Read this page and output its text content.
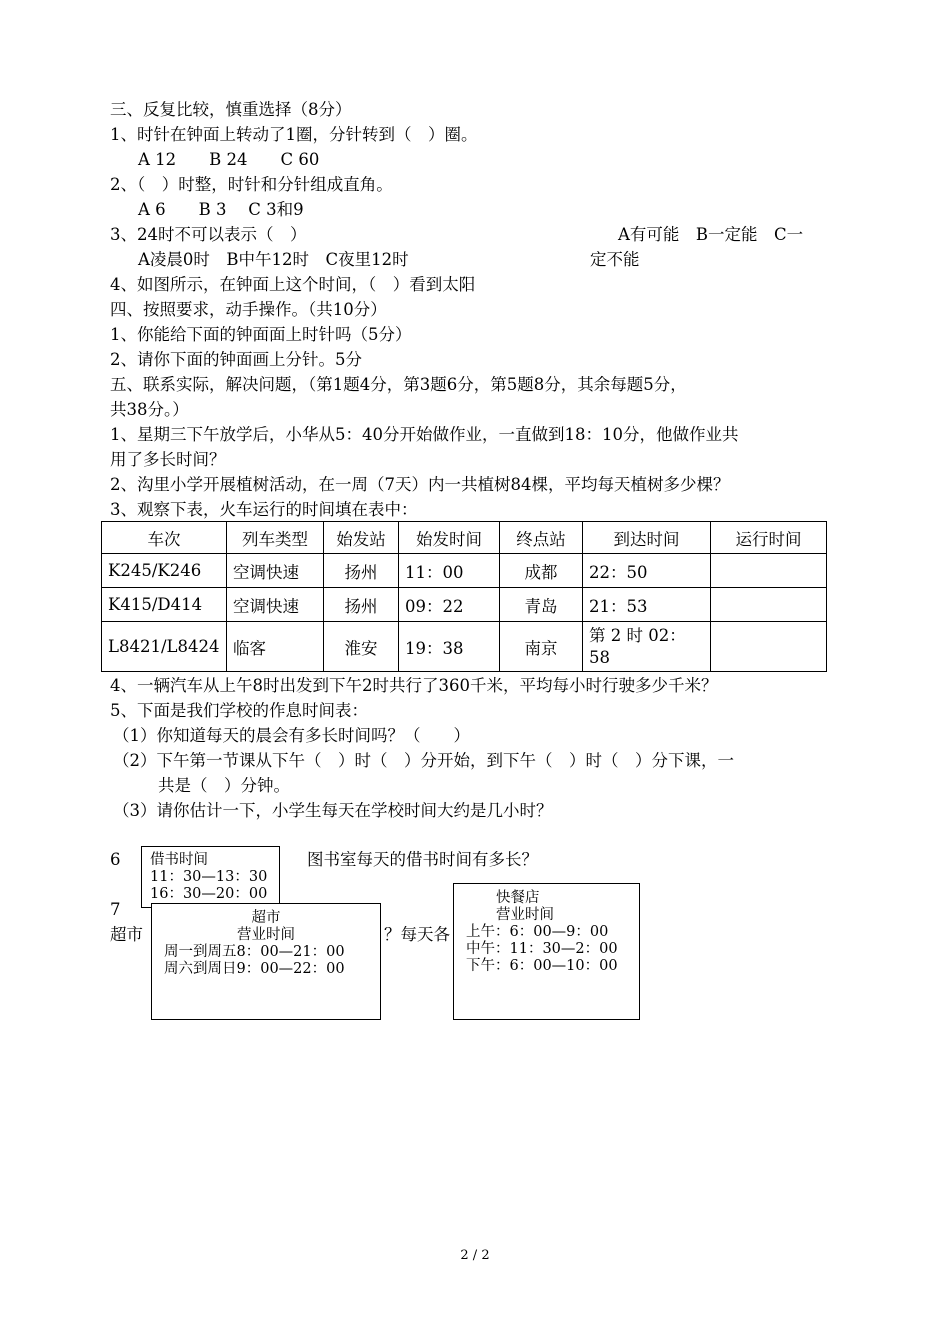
三、反复比较，慎重选择（8分）
1、时针在钟面上转动了1圈，分针转到（　）圈。
A 12　　B 24　　C 60
2、（　）时整，时针和分针组成直角。
A 6　　B 3　 C 3和9
3、24时不可以表示（　）	A有可能　B一定能　C一
A凌晨0时　B中午12时　C夜里12时	定不能
4、如图所示，在钟面上这个时间，（　）看到太阳
四、按照要求，动手操作。（共10分）
1、你能给下面的钟面面上时针吗（5分）
2、请你下面的钟面画上分针。5分
五、联系实际，解决问题，（第1题4分，第3题6分，第5题8分，其余每题5分，
共38分。）
1、星期三下午放学后，小华从5：40分开始做作业，一直做到18：10分，他做作业共
用了多长时间？
2、沟里小学开展植树活动，在一周（7天）内一共植树84棵，平均每天植树多少棵？
3、观察下表，火车运行的时间填在表中：
车次	列车类型	始发站	始发时间	终点站	到达时间	运行时间
K245/K246	空调快速	扬州	11：00	成都	22：50	
K415/D414	空调快速	扬州	09：22	青岛	21：53	
L8421/L8424	临客	淮安	19：38	南京	第 2 时 02：58	
4、一辆汽车从上午8时出发到下午2时共行了360千米，平均每小时行驶多少千米？
5、下面是我们学校的作息时间表：
（1）你知道每天的晨会有多长时间吗？（　　）
（2）下午第一节课从下午（　）时（　）分开始，到下午（　）时（　）分下课，一
共是（　）分钟。
（3）请你估计一下，小学生每天在学校时间大约是几小时？
6	图书室每天的借书时间有多长？
借书时间
11：30—13：30
16：30—20：00
7
超市	？每天各
超市
营业时间
周一到周五8：00—21：00
周六到周日9：00—22：00
快餐店
营业时间
上午：6：00—9：00
中午：11：30—2：00
下午：6：00—10：00
2 / 2
